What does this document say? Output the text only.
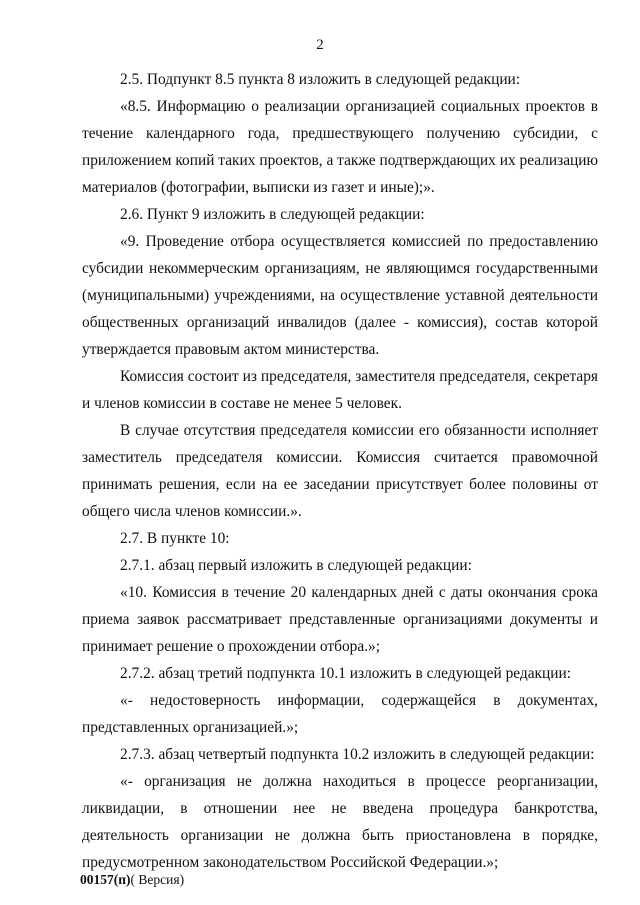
2

2.5. Подпункт 8.5 пункта 8 изложить в следующей редакции:

«8.5. Информацию о реализации организацией социальных проектов в течение календарного года, предшествующего получению субсидии, с приложением копий таких проектов, а также подтверждающих их реализацию материалов (фотографии, выписки из газет и иные);».

2.6. Пункт 9 изложить в следующей редакции:

«9. Проведение отбора осуществляется комиссией по предоставлению субсидии некоммерческим организациям, не являющимся государственными (муниципальными) учреждениями, на осуществление уставной деятельности общественных организаций инвалидов (далее - комиссия), состав которой утверждается правовым актом министерства.

Комиссия состоит из председателя, заместителя председателя, секретаря и членов комиссии в составе не менее 5 человек.

В случае отсутствия председателя комиссии его обязанности исполняет заместитель председателя комиссии. Комиссия считается правомочной принимать решения, если на ее заседании присутствует более половины от общего числа членов комиссии.».

2.7. В пункте 10:

2.7.1. абзац первый изложить в следующей редакции:

«10. Комиссия в течение 20 календарных дней с даты окончания срока приема заявок рассматривает представленные организациями документы и принимает решение о прохождении отбора.»;

2.7.2. абзац третий подпункта 10.1 изложить в следующей редакции:

«- недостоверность информации, содержащейся в документах, представленных организацией.»;

2.7.3. абзац четвертый подпункта 10.2 изложить в следующей редакции:

«- организация не должна находиться в процессе реорганизации, ликвидации, в отношении нее не введена процедура банкротства, деятельность организации не должна быть приостановлена в порядке, предусмотренном законодательством Российской Федерации.»;

00157(п)( Версия)
